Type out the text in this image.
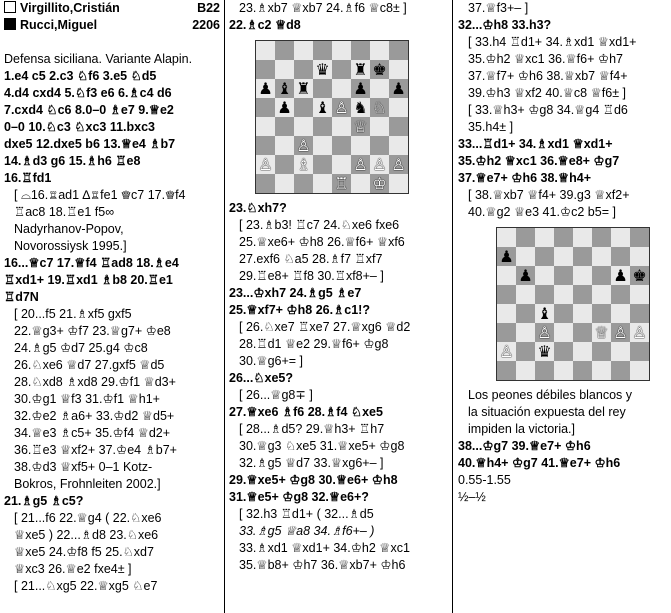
Virgillito,Cristián	B22
Rucci,Miguel	2206
Defensa siciliana. Variante Alapin.
1.e4 c5 2.c3 ♘f6 3.e5 ♘d5
4.d4 cxd4 5.♘f3 e6 6.♗c4 d6
7.cxd4 ♘c6 8.0–0 ♗e7 9.♕e2
0–0 10.♘c3 ♘xc3 11.bxc3
dxe5 12.dxe5 b6 13.♕e4 ♗b7
14.♗d3 g6 15.♗h6 ♖e8
16.♖fd1
[ ⌓16.♖ad1 ∆♖fe1 ♕c7 17.♕f4
♖ac8 18.♖e1 f5∞
Nadyrhanov-Popov,
Novorossiysk 1995.]
16...♕c7 17.♕f4 ♖ad8 18.♗e4
♖xd1+ 19.♖xd1 ♗b8 20.♖e1
♖d7N
[ 20...f5 21.♗xf5 gxf5
22.♕g3+ ♔f7 23.♕g7+ ♔e8
24.♗g5 ♔d7 25.g4 ♔c8
26.♘xe6 ♕d7 27.gxf5 ♕d5
28.♘xd8 ♗xd8 29.♔f1 ♕d3+
30.♔g1 ♕f3 31.♔f1 ♕h1+
32.♔e2 ♗a6+ 33.♔d2 ♕d5+
34.♕e3 ♗c5+ 35.♔f4 ♕d2+
36.♖e3 ♕xf2+ 37.♔e4 ♗b7+
38.♔d3 ♕xf5+ 0–1 Kotz-
Bokros, Frohnleiten 2002.]
21.♗g5 ♗c5?
[ 21...f6 22.♕g4 ( 22.♘xe6
♕xe5 ) 22...♗d8 23.♘xe6
♕xe5 24.♔f8 f5 25.♘xd7
♕xc3 26.♕e2 fxe4± ]
[ 21...♘xg5 22.♕xg5 ♘e7
23.♗xb7 ♕xb7 24.♗f6 ♕c8± ]
22.♗c2 ♕d8
♛ ♜ ♚
♟ ♝ ♜	♟ ♟
♟ ♝ ♙ ♞ ♘
♕
♙
♙ ♗	♙ ♙ ♙
♖ ♔
23.♘xh7?
[ 23.♗b3! ♖c7 24.♘xe6 fxe6
25.♕xe6+ ♔h8 26.♕f6+ ♕xf6
27.exf6 ♘a5 28.♗f7 ♖xf7
29.♖e8+ ♖f8 30.♖xf8+– ]
23...♔xh7 24.♗g5 ♗e7
25.♕xf7+ ♔h8 26.♗c1!?
[ 26.♘xe7 ♖xe7 27.♕xg6 ♕d2
28.♖d1 ♕e2 29.♕f6+ ♔g8
30.♕g6+= ]
26...♘xe5?
[ 26...♕g8∓ ]
27.♕xe6 ♗f6 28.♗f4 ♘xe5
[ 28...♗d5? 29.♕h3+ ♖h7
30.♕g3 ♘xe5 31.♕xe5+ ♔g8
32.♗g5 ♕d7 33.♕xg6+– ]
29.♕xe5+ ♔g8 30.♕e6+ ♔h8
31.♕e5+ ♔g8 32.♕e6+?
[ 32.h3 ♖d1+ ( 32...♗d5
33.♗g5 ♕a8 34.♗f6+– )
33.♗xd1 ♕xd1+ 34.♔h2 ♕xc1
35.♕b8+ ♔h7 36.♕xb7+ ♔h6
37.♕f3+– ]
32...♔h8 33.h3?
[ 33.h4 ♖d1+ 34.♗xd1 ♕xd1+
35.♔h2 ♕xc1 36.♕f6+ ♔h7
37.♕f7+ ♔h6 38.♕xb7 ♕f4+
39.♔h3 ♕xf2 40.♕c8 ♕f6± ]
[ 33.♕h3+ ♔g8 34.♕g4 ♖d6
35.h4± ]
33...♖d1+ 34.♗xd1 ♕xd1+
35.♔h2 ♕xc1 36.♕e8+ ♔g7
37.♕e7+ ♔h6 38.♕h4+
[ 38.♕xb7 ♕f4+ 39.g3 ♕xf2+
40.♕g2 ♕e3 41.♔c2 b5= ]
♟
♟	♟ ♚
♝
♙	♕ ♙ ♙
♙ ♛
Los peones débiles blancos y
la situación expuesta del rey
impiden la victoria.]
38...♔g7 39.♕e7+ ♔h6
40.♕h4+ ♔g7 41.♕e7+ ♔h6
0.55-1.55
½–½
